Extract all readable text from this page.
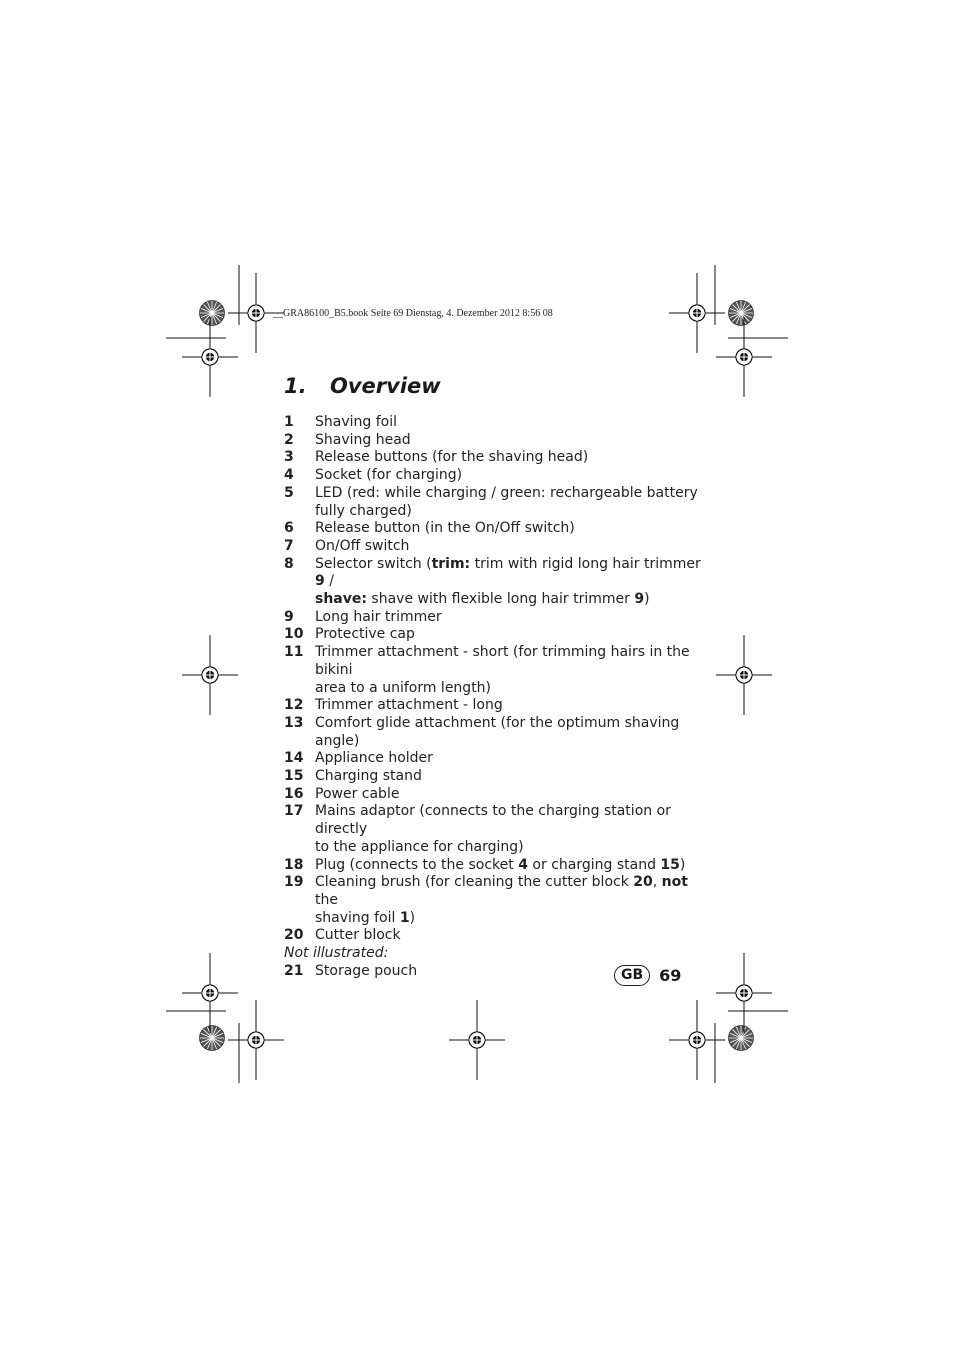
__GRA86100_B5.book Seite 69 Dienstag, 4. Dezember 2012 8:56 08
1. Overview
1	Shaving foil
2	Shaving head
3	Release buttons (for the shaving head)
4	Socket (for charging)
5	LED (red: while charging / green: rechargeable battery
fully charged)
6	Release button (in the On/Off switch)
7	On/Off switch
8	Selector switch (trim: trim with rigid long hair trimmer 9 /
shave: shave with flexible long hair trimmer 9)
9	Long hair trimmer
10 Protective cap
11 Trimmer attachment - short (for trimming hairs in the bikini
area to a uniform length)
12 Trimmer attachment - long
13 Comfort glide attachment (for the optimum shaving angle)
14 Appliance holder
15 Charging stand
16 Power cable
17 Mains adaptor (connects to the charging station or directly
to the appliance for charging)
18 Plug (connects to the socket 4 or charging stand 15)
19 Cleaning brush (for cleaning the cutter block 20, not the
shaving foil 1)
20 Cutter block
Not illustrated:
21 Storage pouch	GB	69
